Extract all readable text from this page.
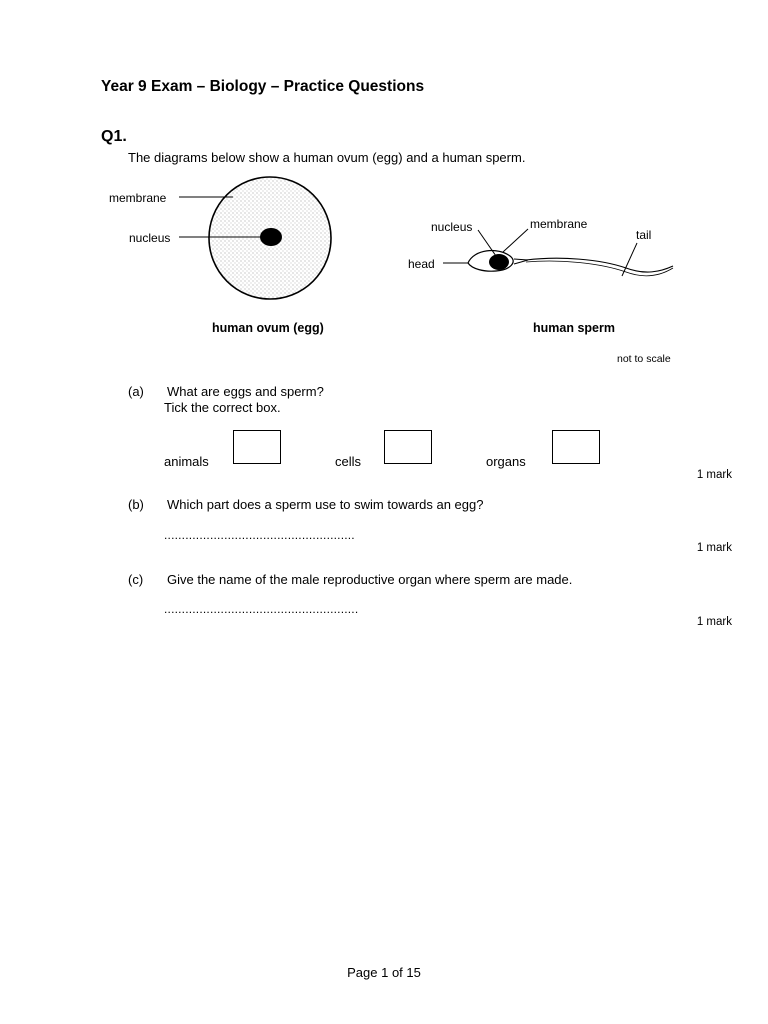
Year 9 Exam – Biology – Practice Questions
Q1.
The diagrams below show a human ovum (egg) and a human sperm.
membrane
nucleus
nucleus	membrane
tail
head
human ovum (egg)	human sperm
not to scale
(a) What are eggs and sperm?
Tick the correct box.
animals	cells	organs
1 mark
(b) Which part does a sperm use to swim towards an egg?
......................................................
1 mark
(c) Give the name of the male reproductive organ where sperm are made.
.......................................................
1 mark
Page 1 of 15
